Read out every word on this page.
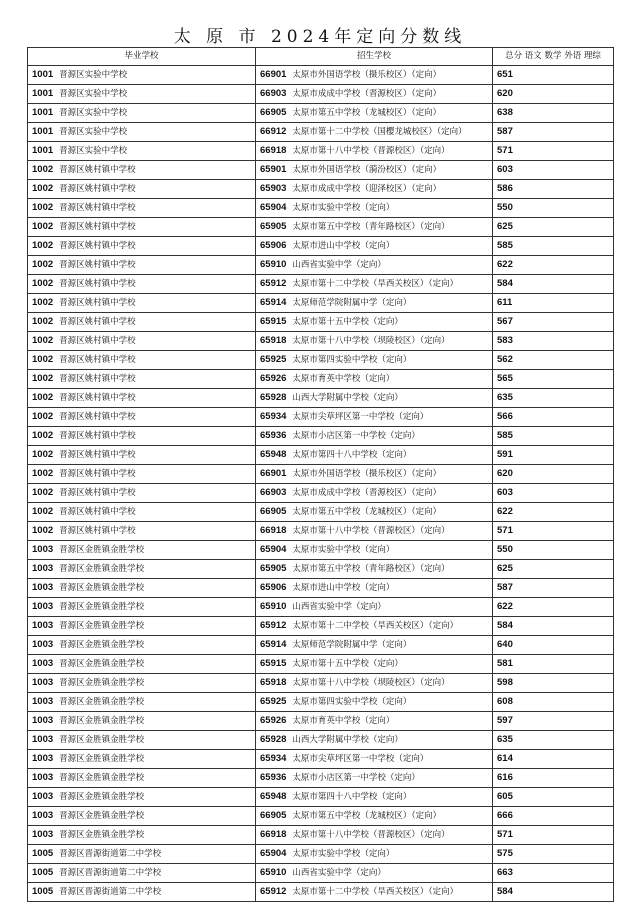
太 原 市 2024年定向分数线
毕业学校	招生学校	总分 语文 数学 外语 理综
1001 晋源区实验中学校	66901 太原市外国语学校（摄乐校区）（定向）	651
1001 晋源区实验中学校	66903 太原市成成中学校（晋源校区）（定向）	620
1001 晋源区实验中学校	66905 太原市第五中学校（龙城校区）（定向）	638
1001 晋源区实验中学校	66912 太原市第十二中学校（国樱龙城校区）（定向）	587
1001 晋源区实验中学校	66918 太原市第十八中学校（晋源校区）（定向）	571
1002 晋源区姚村镇中学校	65901 太原市外国语学校（漪汾校区）（定向）	603
1002 晋源区姚村镇中学校	65903 太原市成成中学校（迎泽校区）（定向）	586
1002 晋源区姚村镇中学校	65904 太原市实验中学校（定向）	550
1002 晋源区姚村镇中学校	65905 太原市第五中学校（青年路校区）（定向）	625
1002 晋源区姚村镇中学校	65906 太原市进山中学校（定向）	585
1002 晋源区姚村镇中学校	65910 山西省实验中学（定向）	622
1002 晋源区姚村镇中学校	65912 太原市第十二中学校（旱西关校区）（定向）	584
1002 晋源区姚村镇中学校	65914 太原师范学院附属中学（定向）	611
1002 晋源区姚村镇中学校	65915 太原市第十五中学校（定向）	567
1002 晋源区姚村镇中学校	65918 太原市第十八中学校（坝陵校区）（定向）	583
1002 晋源区姚村镇中学校	65925 太原市第四实验中学校（定向）	562
1002 晋源区姚村镇中学校	65926 太原市育英中学校（定向）	565
1002 晋源区姚村镇中学校	65928 山西大学附属中学校（定向）	635
1002 晋源区姚村镇中学校	65934 太原市尖草坪区第一中学校（定向）	566
1002 晋源区姚村镇中学校	65936 太原市小店区第一中学校（定向）	585
1002 晋源区姚村镇中学校	65948 太原市第四十八中学校（定向）	591
1002 晋源区姚村镇中学校	66901 太原市外国语学校（摄乐校区）（定向）	620
1002 晋源区姚村镇中学校	66903 太原市成成中学校（晋源校区）（定向）	603
1002 晋源区姚村镇中学校	66905 太原市第五中学校（龙城校区）（定向）	622
1002 晋源区姚村镇中学校	66918 太原市第十八中学校（晋源校区）（定向）	571
1003 晋源区金胜镇金胜学校	65904 太原市实验中学校（定向）	550
1003 晋源区金胜镇金胜学校	65905 太原市第五中学校（青年路校区）（定向）	625
1003 晋源区金胜镇金胜学校	65906 太原市进山中学校（定向）	587
1003 晋源区金胜镇金胜学校	65910 山西省实验中学（定向）	622
1003 晋源区金胜镇金胜学校	65912 太原市第十二中学校（旱西关校区）（定向）	584
1003 晋源区金胜镇金胜学校	65914 太原师范学院附属中学（定向）	640
1003 晋源区金胜镇金胜学校	65915 太原市第十五中学校（定向）	581
1003 晋源区金胜镇金胜学校	65918 太原市第十八中学校（坝陵校区）（定向）	598
1003 晋源区金胜镇金胜学校	65925 太原市第四实验中学校（定向）	608
1003 晋源区金胜镇金胜学校	65926 太原市育英中学校（定向）	597
1003 晋源区金胜镇金胜学校	65928 山西大学附属中学校（定向）	635
1003 晋源区金胜镇金胜学校	65934 太原市尖草坪区第一中学校（定向）	614
1003 晋源区金胜镇金胜学校	65936 太原市小店区第一中学校（定向）	616
1003 晋源区金胜镇金胜学校	65948 太原市第四十八中学校（定向）	605
1003 晋源区金胜镇金胜学校	66905 太原市第五中学校（龙城校区）（定向）	666
1003 晋源区金胜镇金胜学校	66918 太原市第十八中学校（晋源校区）（定向）	571
1005 晋源区晋源街道第二中学校	65904 太原市实验中学校（定向）	575
1005 晋源区晋源街道第二中学校	65910 山西省实验中学（定向）	663
1005 晋源区晋源街道第二中学校	65912 太原市第十二中学校（旱西关校区）（定向）	584
